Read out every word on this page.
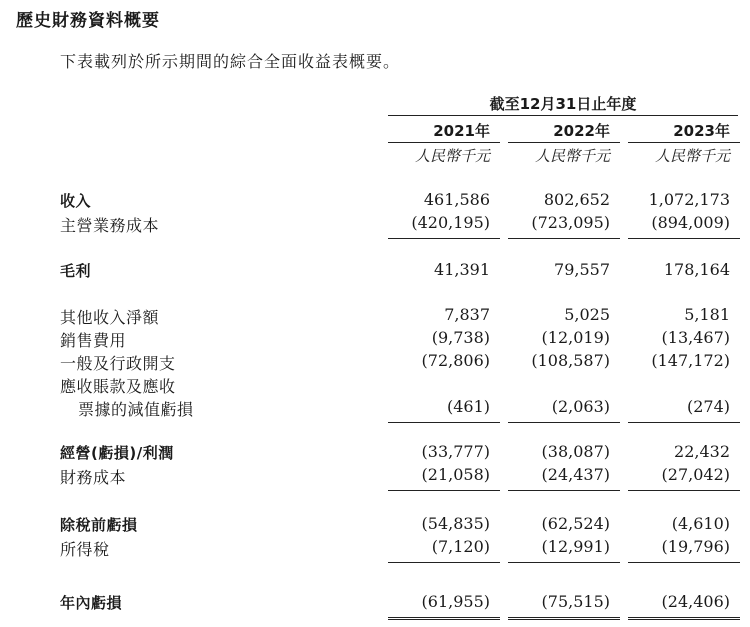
歷史財務資料概要
下表載列於所示期間的綜合全面收益表概要。
截至12月31日止年度
2021年	2022年	2023年
人民幣千元	人民幣千元	人民幣千元
收入	461,586	802,652	1,072,173
主營業務成本	(420,195)	(723,095)	(894,009)
毛利	41,391	79,557	178,164
其他收入淨額	7,837	5,025	5,181
銷售費用	(9,738)	(12,019)	(13,467)
一般及行政開支	(72,806)	(108,587)	(147,172)
應收賬款及應收
票據的減值虧損	(461)	(2,063)	(274)
經營(虧損)/利潤	(33,777)	(38,087)	22,432
財務成本	(21,058)	(24,437)	(27,042)
除稅前虧損	(54,835)	(62,524)	(4,610)
所得稅	(7,120)	(12,991)	(19,796)
年內虧損	(61,955)	(75,515)	(24,406)
